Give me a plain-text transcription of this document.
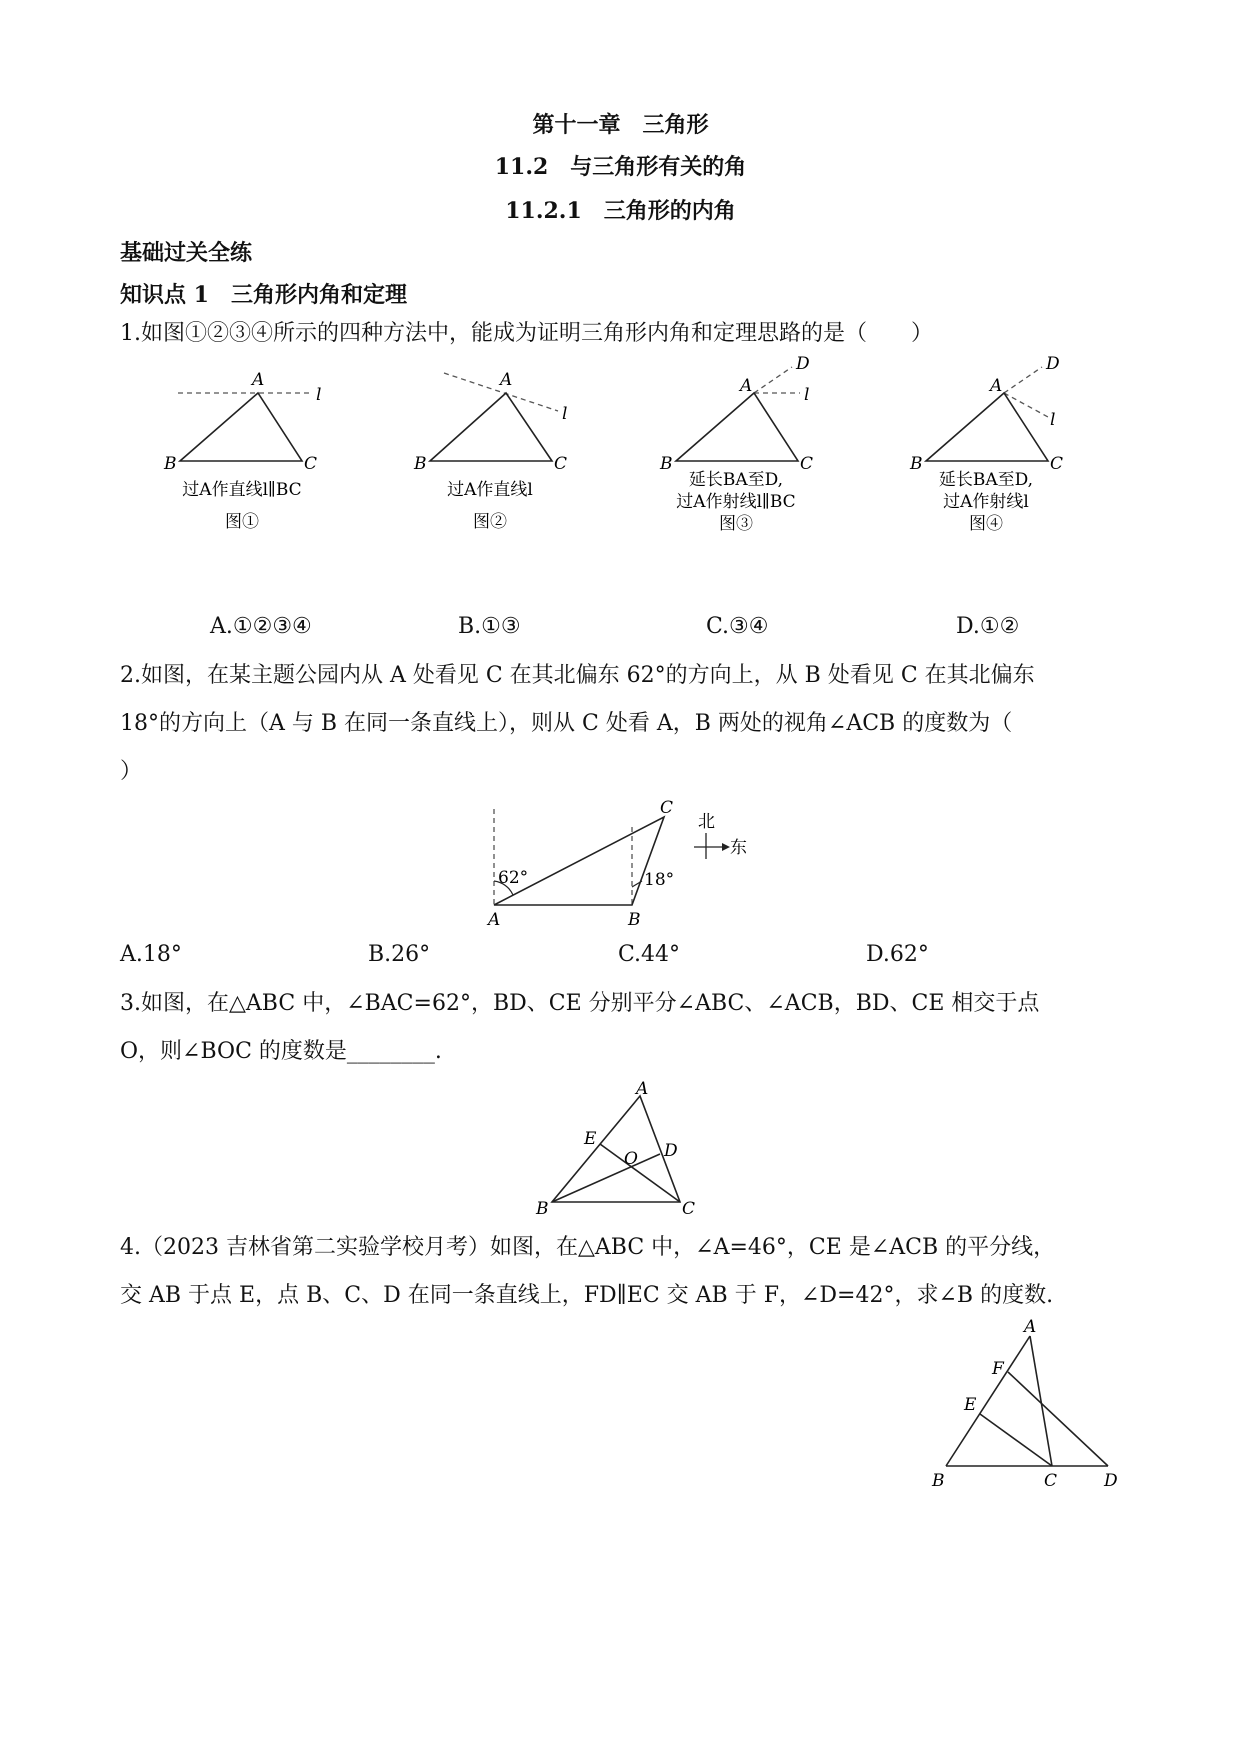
第十一章　三角形
11.2　与三角形有关的角
11.2.1　三角形的内角
基础过关全练
知识点 1　三角形内角和定理
1.如图①②③④所示的四种方法中，能成为证明三角形内角和定理思路的是（　　）
A
l
B	C
过A作直线l∥BC
图①
A
l
B	C
过A作直线l
图②
A
D
l
B	C
延长BA至D,
过A作射线l∥BC
图③
A
D
l
B	C
延长BA至D,
过A作射线l
图④
A.①②③④	B.①③	C.③④	D.①②
2.如图，在某主题公园内从 A 处看见 C 在其北偏东 62°的方向上，从 B 处看见 C 在其北偏东
18°的方向上（A 与 B 在同一条直线上），则从 C 处看 A，B 两处的视角∠ACB 的度数为（
）
62°	18°
A	B
C
北
东
A.18°	B.26°	C.44°	D.62°
3.如图，在△ABC 中，∠BAC=62°，BD、CE 分别平分∠ABC、∠ACB，BD、CE 相交于点
O，则∠BOC 的度数是________.
A
B	C
D
E
O
4.（2023 吉林省第二实验学校月考）如图，在△ABC 中，∠A=46°，CE 是∠ACB 的平分线，
交 AB 于点 E，点 B、C、D 在同一条直线上，FD∥EC 交 AB 于 F，∠D=42°，求∠B 的度数.
A
F
E
B	C	D
